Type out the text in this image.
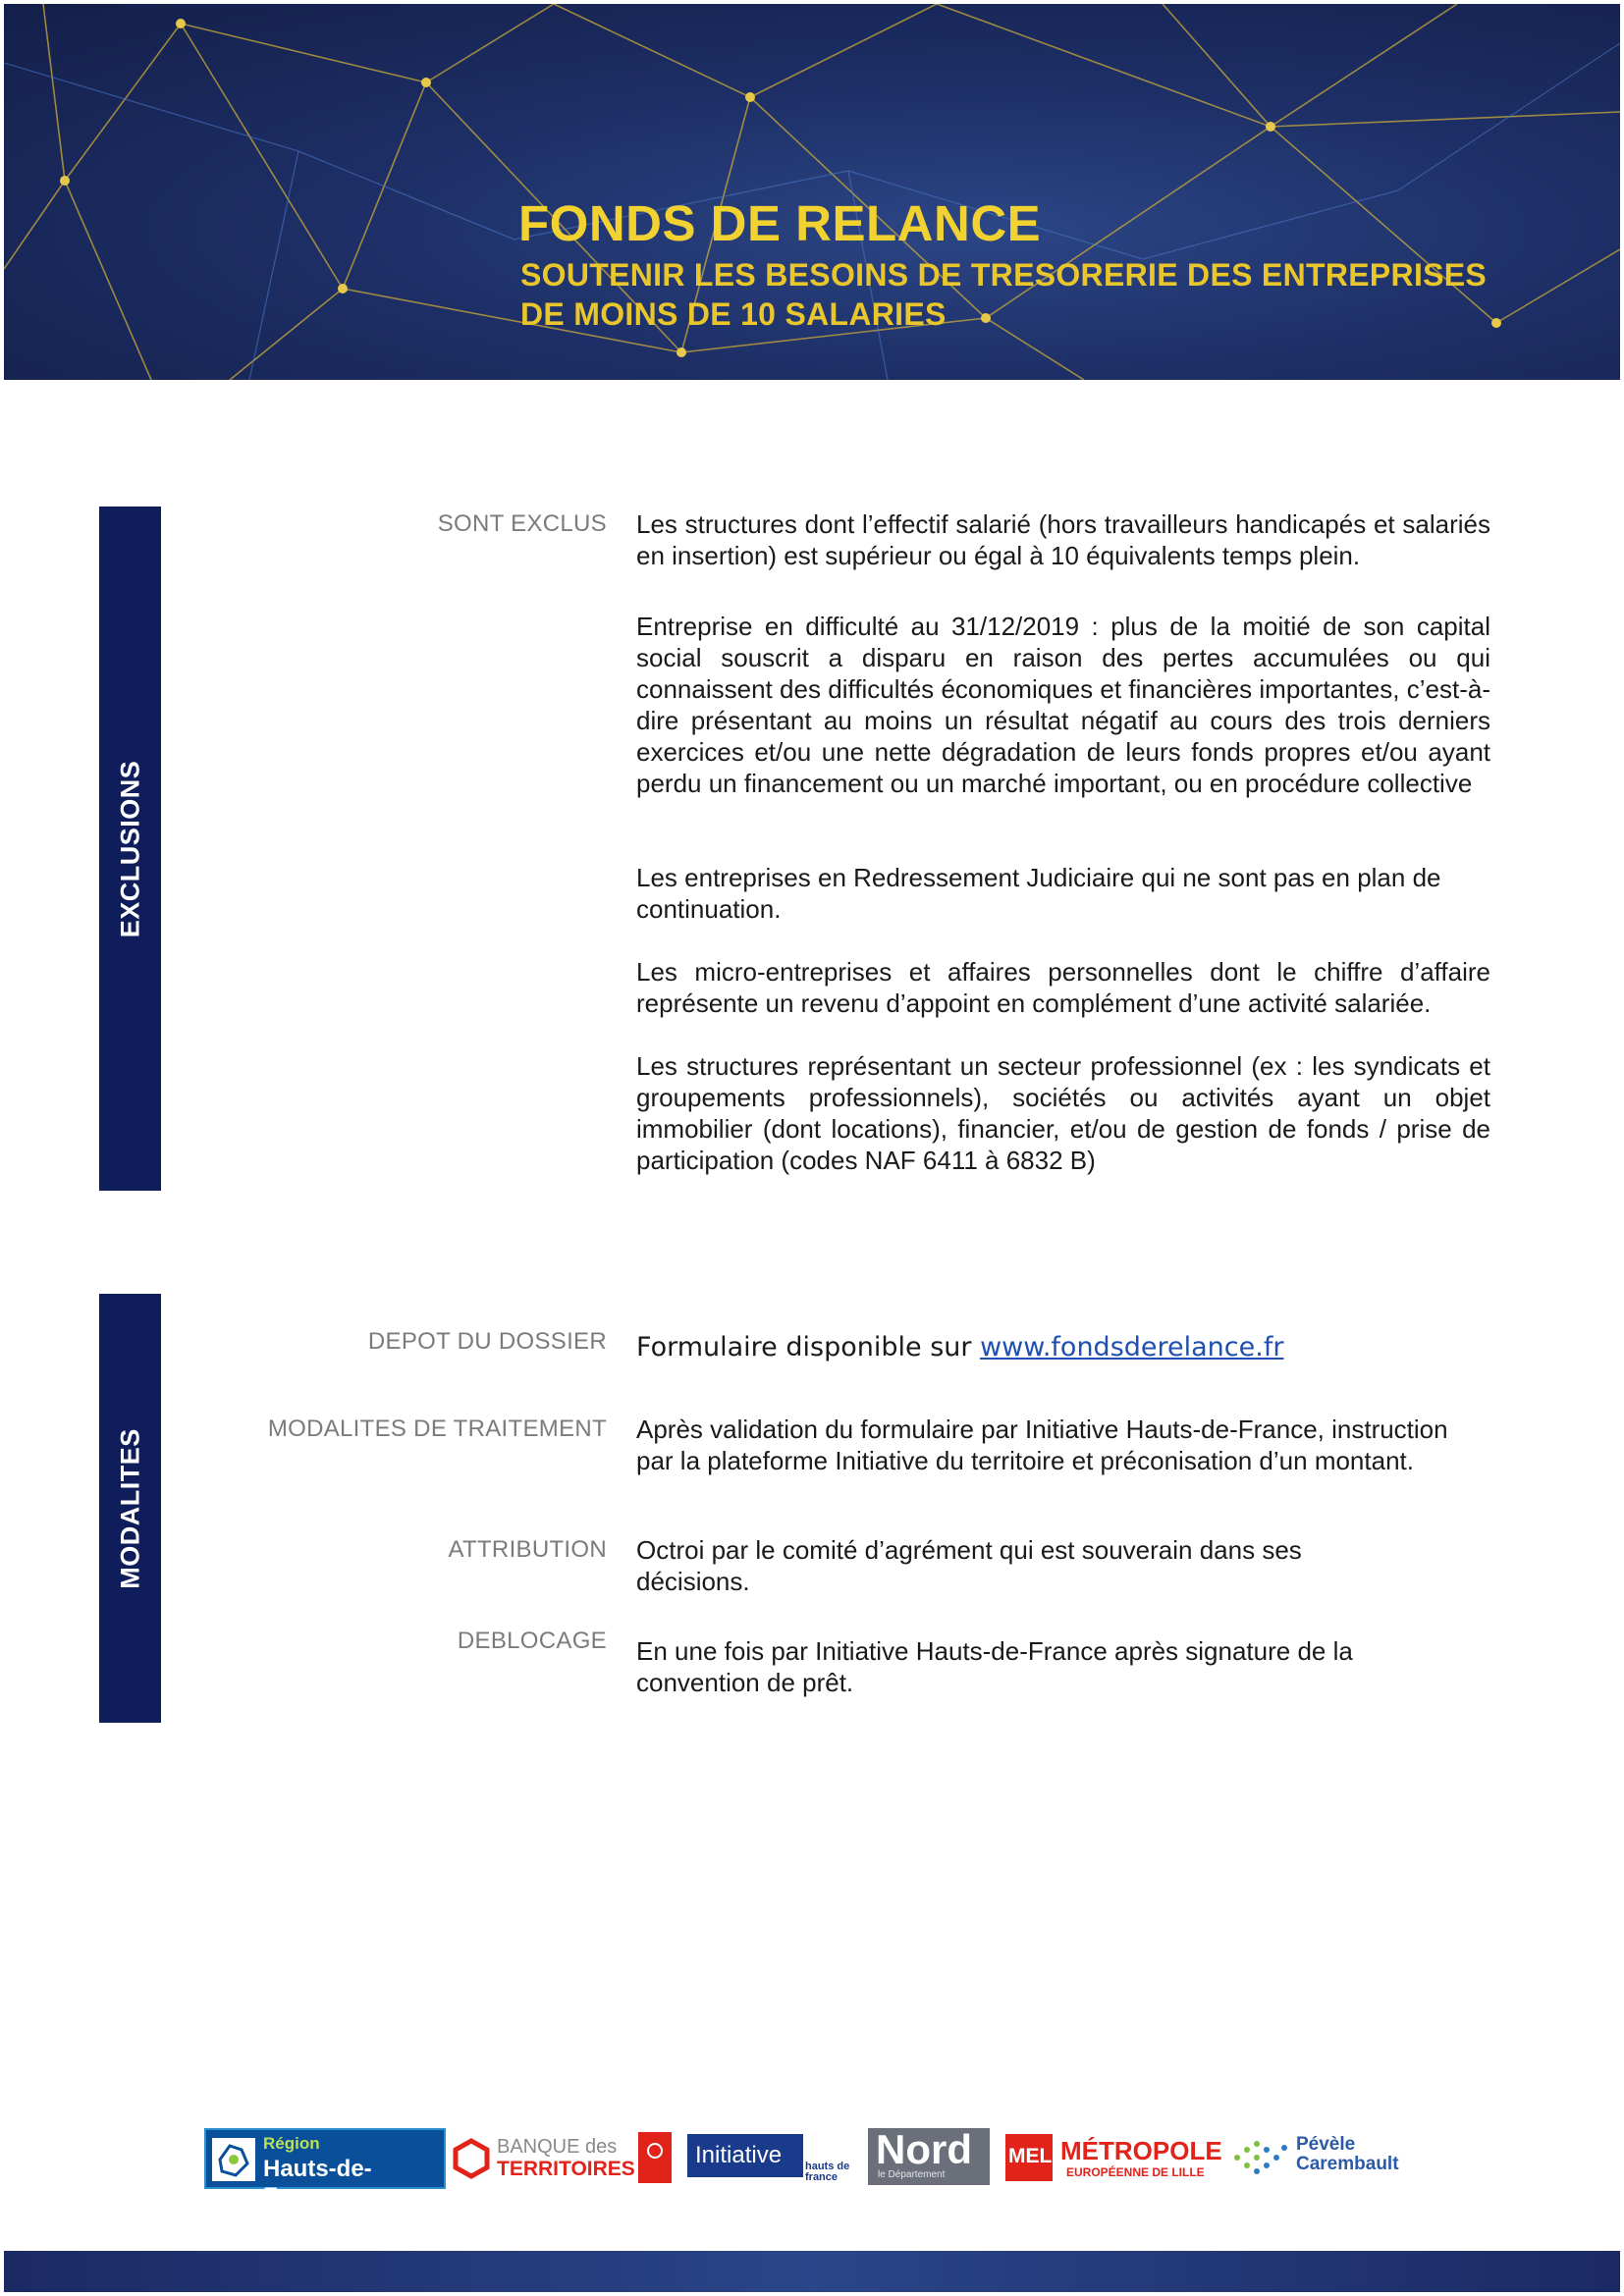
FONDS DE RELANCE
SOUTENIR LES BESOINS DE TRESORERIE DES ENTREPRISES
DE MOINS DE 10 SALARIES
EXCLUSIONS
SONT EXCLUS Les structures dont l’effectif salarié (hors travailleurs handicapés et salariés en insertion) est supérieur ou égal à 10 équivalents temps plein.
Entreprise en difficulté au 31/12/2019 : plus de la moitié de son capital social souscrit a disparu en raison des pertes accumulées ou qui connaissent des difficultés économiques et financières importantes, c’est-à-dire présentant au moins un résultat négatif au cours des trois derniers exercices et/ou une nette dégradation de leurs fonds propres et/ou ayant perdu un financement ou un marché important, ou en procédure collective
Les entreprises en Redressement Judiciaire qui ne sont pas en plan de continuation.
Les micro-entreprises et affaires personnelles dont le chiffre d’affaire représente un revenu d’appoint en complément d’une activité salariée.
Les structures représentant un secteur professionnel (ex : les syndicats et groupements professionnels), sociétés ou activités ayant un objet immobilier (dont locations), financier, et/ou de gestion de fonds / prise de participation (codes NAF 6411 à 6832 B)
MODALITES
DEPOT DU DOSSIER Formulaire disponible sur www.fondsderelance.fr
MODALITES DE TRAITEMENT Après validation du formulaire par Initiative Hauts-de-France, instruction par la plateforme Initiative du territoire et préconisation d’un montant.
ATTRIBUTION Octroi par le comité d’agrément qui est souverain dans ses décisions.
DEBLOCAGE En une fois par Initiative Hauts-de-France après signature de la convention de prêt.
Région
Hauts-de-France
BANQUE des
TERRITOIRES
Initiative hauts de france
Nord
le Département
MEL MÉTROPOLE
EUROPÉENNE DE LILLE
Pévèle
Carembault
